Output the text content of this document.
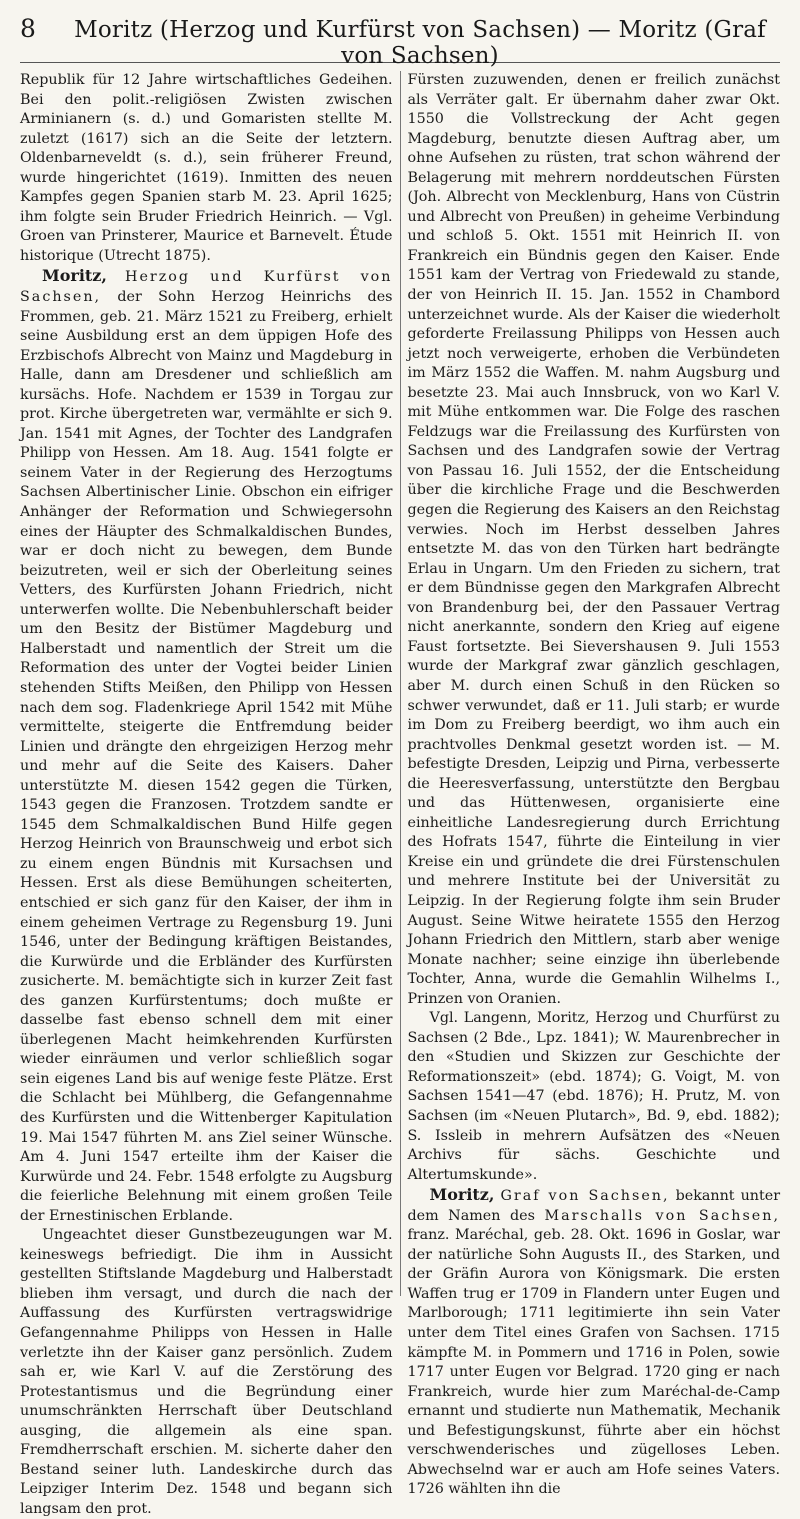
8	Moritz (Herzog und Kurfürst von Sachsen) — Moritz (Graf von Sachsen)

Republik für 12 Jahre wirtschaftliches Gedeihen. Bei den polit.-religiösen Zwisten zwischen Arminianern (s. d.) und Gomaristen stellte M. zuletzt (1617) sich an die Seite der letztern. Oldenbarneveldt (s. d.), sein früherer Freund, wurde hingerichtet (1619). Inmitten des neuen Kampfes gegen Spanien starb M. 23. April 1625; ihm folgte sein Bruder Friedrich Heinrich. — Vgl. Groen van Prinsterer, Maurice et Barnevelt. Étude historique (Utrecht 1875).

Moritz, Herzog und Kurfürst von Sachsen, der Sohn Herzog Heinrichs des Frommen, geb. 21. März 1521 zu Freiberg, erhielt seine Ausbildung erst an dem üppigen Hofe des Erzbischofs Albrecht von Mainz und Magdeburg in Halle, dann am Dresdener und schließlich am kursächs. Hofe. Nachdem er 1539 in Torgau zur prot. Kirche übergetreten war, vermählte er sich 9. Jan. 1541 mit Agnes, der Tochter des Landgrafen Philipp von Hessen. Am 18. Aug. 1541 folgte er seinem Vater in der Regierung des Herzogtums Sachsen Albertinischer Linie. Obschon ein eifriger Anhänger der Reformation und Schwiegersohn eines der Häupter des Schmalkaldischen Bundes, war er doch nicht zu bewegen, dem Bunde beizutreten, weil er sich der Oberleitung seines Vetters, des Kurfürsten Johann Friedrich, nicht unterwerfen wollte. Die Nebenbuhlerschaft beider um den Besitz der Bistümer Magdeburg und Halberstadt und namentlich der Streit um die Reformation des unter der Vogtei beider Linien stehenden Stifts Meißen, den Philipp von Hessen nach dem sog. Fladenkriege April 1542 mit Mühe vermittelte, steigerte die Entfremdung beider Linien und drängte den ehrgeizigen Herzog mehr und mehr auf die Seite des Kaisers. Daher unterstützte M. diesen 1542 gegen die Türken, 1543 gegen die Franzosen. Trotzdem sandte er 1545 dem Schmalkaldischen Bund Hilfe gegen Herzog Heinrich von Braunschweig und erbot sich zu einem engen Bündnis mit Kursachsen und Hessen. Erst als diese Bemühungen scheiterten, entschied er sich ganz für den Kaiser, der ihm in einem geheimen Vertrage zu Regensburg 19. Juni 1546, unter der Bedingung kräftigen Beistandes, die Kurwürde und die Erbländer des Kurfürsten zusicherte. M. bemächtigte sich in kurzer Zeit fast des ganzen Kurfürstentums; doch mußte er dasselbe fast ebenso schnell dem mit einer überlegenen Macht heimkehrenden Kurfürsten wieder einräumen und verlor schließlich sogar sein eigenes Land bis auf wenige feste Plätze. Erst die Schlacht bei Mühlberg, die Gefangennahme des Kurfürsten und die Wittenberger Kapitulation 19. Mai 1547 führten M. ans Ziel seiner Wünsche. Am 4. Juni 1547 erteilte ihm der Kaiser die Kurwürde und 24. Febr. 1548 erfolgte zu Augsburg die feierliche Belehnung mit einem großen Teile der Ernestinischen Erblande.

Ungeachtet dieser Gunstbezeugungen war M. keineswegs befriedigt. Die ihm in Aussicht gestellten Stiftslande Magdeburg und Halberstadt blieben ihm versagt, und durch die nach der Auffassung des Kurfürsten vertragswidrige Gefangennahme Philipps von Hessen in Halle verletzte ihn der Kaiser ganz persönlich. Zudem sah er, wie Karl V. auf die Zerstörung des Protestantismus und die Begründung einer unumschränkten Herrschaft über Deutschland ausging, die allgemein als eine span. Fremdherrschaft erschien. M. sicherte daher den Bestand seiner luth. Landeskirche durch das Leipziger Interim Dez. 1548 und begann sich langsam den prot.

Fürsten zuzuwenden, denen er freilich zunächst als Verräter galt. Er übernahm daher zwar Okt. 1550 die Vollstreckung der Acht gegen Magdeburg, benutzte diesen Auftrag aber, um ohne Aufsehen zu rüsten, trat schon während der Belagerung mit mehrern norddeutschen Fürsten (Joh. Albrecht von Mecklenburg, Hans von Cüstrin und Albrecht von Preußen) in geheime Verbindung und schloß 5. Okt. 1551 mit Heinrich II. von Frankreich ein Bündnis gegen den Kaiser. Ende 1551 kam der Vertrag von Friedewald zu stande, der von Heinrich II. 15. Jan. 1552 in Chambord unterzeichnet wurde. Als der Kaiser die wiederholt geforderte Freilassung Philipps von Hessen auch jetzt noch verweigerte, erhoben die Verbündeten im März 1552 die Waffen. M. nahm Augsburg und besetzte 23. Mai auch Innsbruck, von wo Karl V. mit Mühe entkommen war. Die Folge des raschen Feldzugs war die Freilassung des Kurfürsten von Sachsen und des Landgrafen sowie der Vertrag von Passau 16. Juli 1552, der die Entscheidung über die kirchliche Frage und die Beschwerden gegen die Regierung des Kaisers an den Reichstag verwies. Noch im Herbst desselben Jahres entsetzte M. das von den Türken hart bedrängte Erlau in Ungarn. Um den Frieden zu sichern, trat er dem Bündnisse gegen den Markgrafen Albrecht von Brandenburg bei, der den Passauer Vertrag nicht anerkannte, sondern den Krieg auf eigene Faust fortsetzte. Bei Sievershausen 9. Juli 1553 wurde der Markgraf zwar gänzlich geschlagen, aber M. durch einen Schuß in den Rücken so schwer verwundet, daß er 11. Juli starb; er wurde im Dom zu Freiberg beerdigt, wo ihm auch ein prachtvolles Denkmal gesetzt worden ist. — M. befestigte Dresden, Leipzig und Pirna, verbesserte die Heeresverfassung, unterstützte den Bergbau und das Hüttenwesen, organisierte eine einheitliche Landesregierung durch Errichtung des Hofrats 1547, führte die Einteilung in vier Kreise ein und gründete die drei Fürstenschulen und mehrere Institute bei der Universität zu Leipzig. In der Regierung folgte ihm sein Bruder August. Seine Witwe heiratete 1555 den Herzog Johann Friedrich den Mittlern, starb aber wenige Monate nachher; seine einzige ihn überlebende Tochter, Anna, wurde die Gemahlin Wilhelms I., Prinzen von Oranien.

Vgl. Langenn, Moritz, Herzog und Churfürst zu Sachsen (2 Bde., Lpz. 1841); W. Maurenbrecher in den «Studien und Skizzen zur Geschichte der Reformationszeit» (ebd. 1874); G. Voigt, M. von Sachsen 1541—47 (ebd. 1876); H. Prutz, M. von Sachsen (im «Neuen Plutarch», Bd. 9, ebd. 1882); S. Issleib in mehrern Aufsätzen des «Neuen Archivs für sächs. Geschichte und Altertumskunde».

Moritz, Graf von Sachsen, bekannt unter dem Namen des Marschalls von Sachsen, franz. Maréchal, geb. 28. Okt. 1696 in Goslar, war der natürliche Sohn Augusts II., des Starken, und der Gräfin Aurora von Königsmark. Die ersten Waffen trug er 1709 in Flandern unter Eugen und Marlborough; 1711 legitimierte ihn sein Vater unter dem Titel eines Grafen von Sachsen. 1715 kämpfte M. in Pommern und 1716 in Polen, sowie 1717 unter Eugen vor Belgrad. 1720 ging er nach Frankreich, wurde hier zum Maréchal-de-Camp ernannt und studierte nun Mathematik, Mechanik und Befestigungskunst, führte aber ein höchst verschwenderisches und zügelloses Leben. Abwechselnd war er auch am Hofe seines Vaters. 1726 wählten ihn die
